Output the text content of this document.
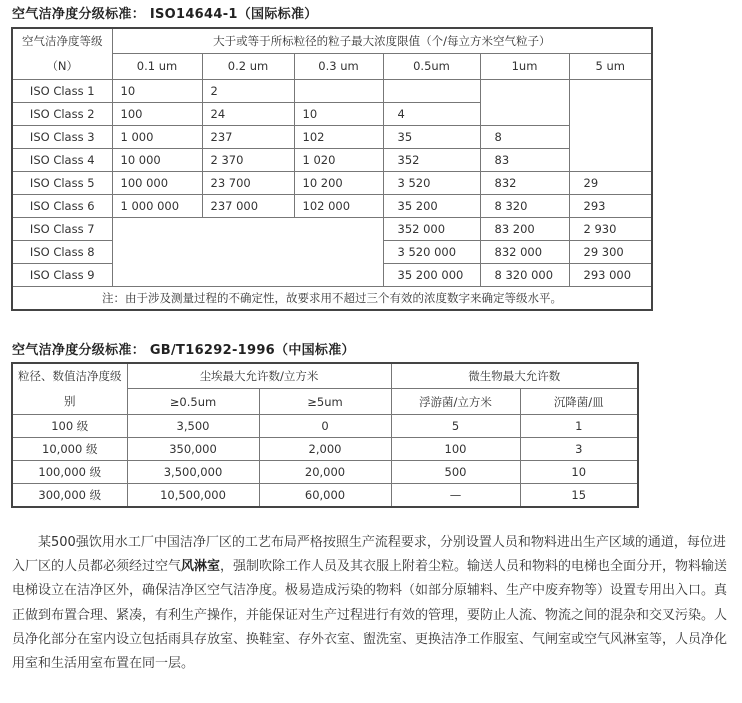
空气洁净度分级标准： ISO14644-1（国际标准）
空气洁净度等级（N）	大于或等于所标粒径的粒子最大浓度限值（个/每立方米空气粒子）					
	0.1 um	0.2 um	0.3 um	0.5um	1um	5 um
ISO Class 1	10	2				
ISO Class 2	100	24	10	4		
ISO Class 3	1 000	237	102	35	8	
ISO Class 4	10 000	2 370	1 020	352	83	
ISO Class 5	100 000	23 700	10 200	3 520	832	29
ISO Class 6	1 000 000	237 000	102 000	35 200	8 320	293
ISO Class 7				352 000	83 200	2 930
ISO Class 8				3 520 000	832 000	29 300
ISO Class 9				35 200 000	8 320 000	293 000
注：由于涉及测量过程的不确定性，故要求用不超过三个有效的浓度数字来确定等级水平。						
空气洁净度分级标准： GB/T16292-1996（中国标准）
粒径、数值洁净度级别	尘埃最大允许数/立方米		微生物最大允许数	
	≥0.5um	≥5um	浮游菌/立方米	沉降菌/皿
100 级	3,500	0	5	1
10,000 级	350,000	2,000	100	3
100,000 级	3,500,000	20,000	500	10
300,000 级	10,500,000	60,000	—	15

某500强饮用水工厂中国洁净厂区的工艺布局严格按照生产流程要求，分别设置人员和物料进出生产区域的通道，每位进入厂区的人员都必须经过空气风淋室，强制吹除工作人员及其衣服上附着尘粒。输送人员和物料的电梯也全面分开，物料输送电梯设立在洁净区外，确保洁净区空气洁净度。极易造成污染的物料（如部分原辅料、生产中废弃物等）设置专用出入口。真正做到布置合理、紧凑，有利生产操作，并能保证对生产过程进行有效的管理，要防止人流、物流之间的混杂和交叉污染。人员净化部分在室内设立包括雨具存放室、换鞋室、存外衣室、盥洗室、更换洁净工作服室、气闸室或空气风淋室等，人员净化用室和生活用室布置在同一层。
